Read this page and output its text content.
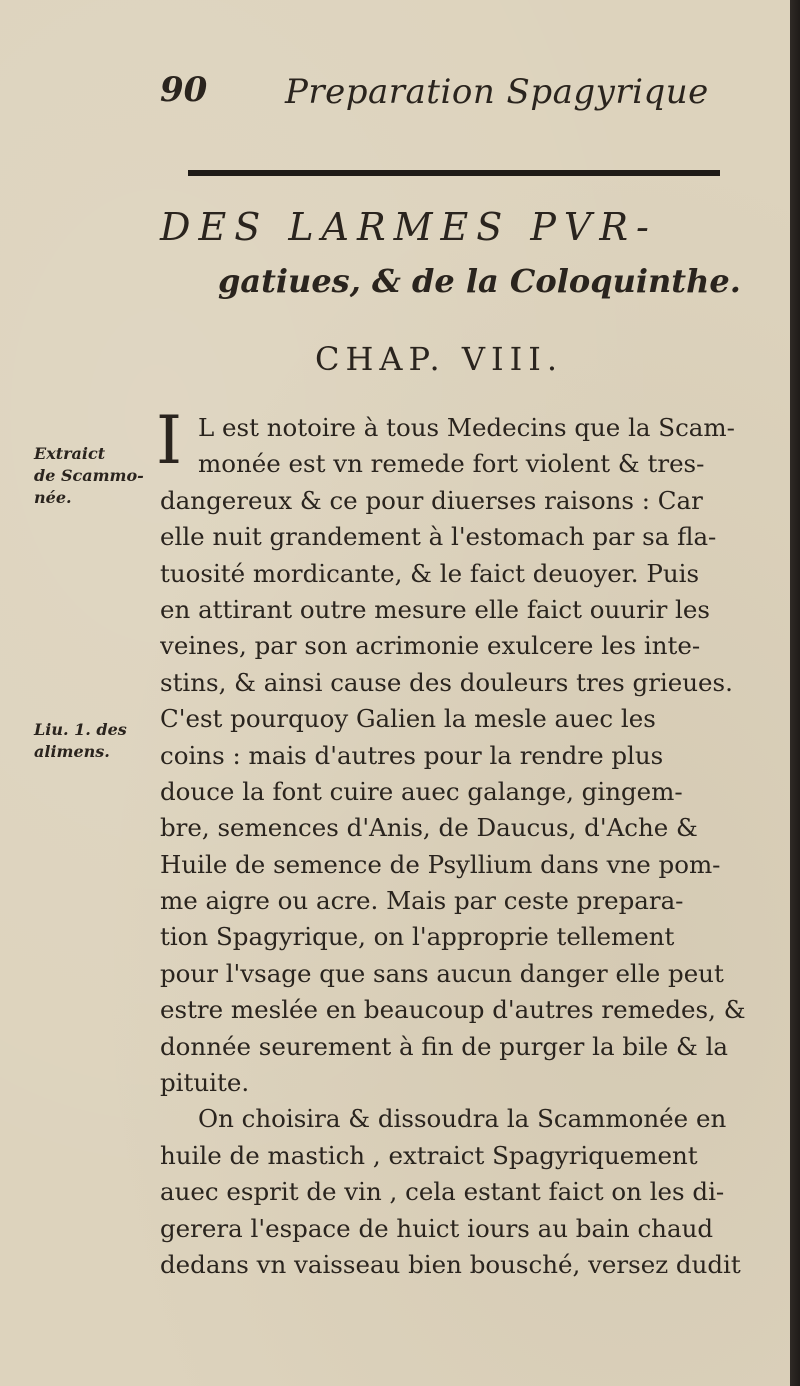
90 Preparation Spagyrique
DES LARMES PVR-
gatiues, & de la Coloquinthe.
CHAP. VIII.
Extraict
de Scammo-
née.
Liu. 1. des
alimens.
I L est notoire à tous Medecins que la Scam-
monée est vn remede fort violent & tres-
dangereux & ce pour diuerses raisons : Car
elle nuit grandement à l'estomach par sa fla-
tuosité mordicante, & le faict deuoyer. Puis
en attirant outre mesure elle faict ouurir les
veines, par son acrimonie exulcere les inte-
stins, & ainsi cause des douleurs tres grieues.
C'est pourquoy Galien la mesle auec les
coins : mais d'autres pour la rendre plus
douce la font cuire auec galange, gingem-
bre, semences d'Anis, de Daucus, d'Ache &
Huile de semence de Psyllium dans vne pom-
me aigre ou acre. Mais par ceste prepara-
tion Spagyrique, on l'approprie tellement
pour l'vsage que sans aucun danger elle peut
estre meslée en beaucoup d'autres remedes, &
donnée seurement à fin de purger la bile & la
pituite.
On choisira & dissoudra la Scammonée en
huile de mastich , extraict Spagyriquement
auec esprit de vin , cela estant faict on les di-
gerera l'espace de huict iours au bain chaud
dedans vn vaisseau bien bousché, versez dudit
